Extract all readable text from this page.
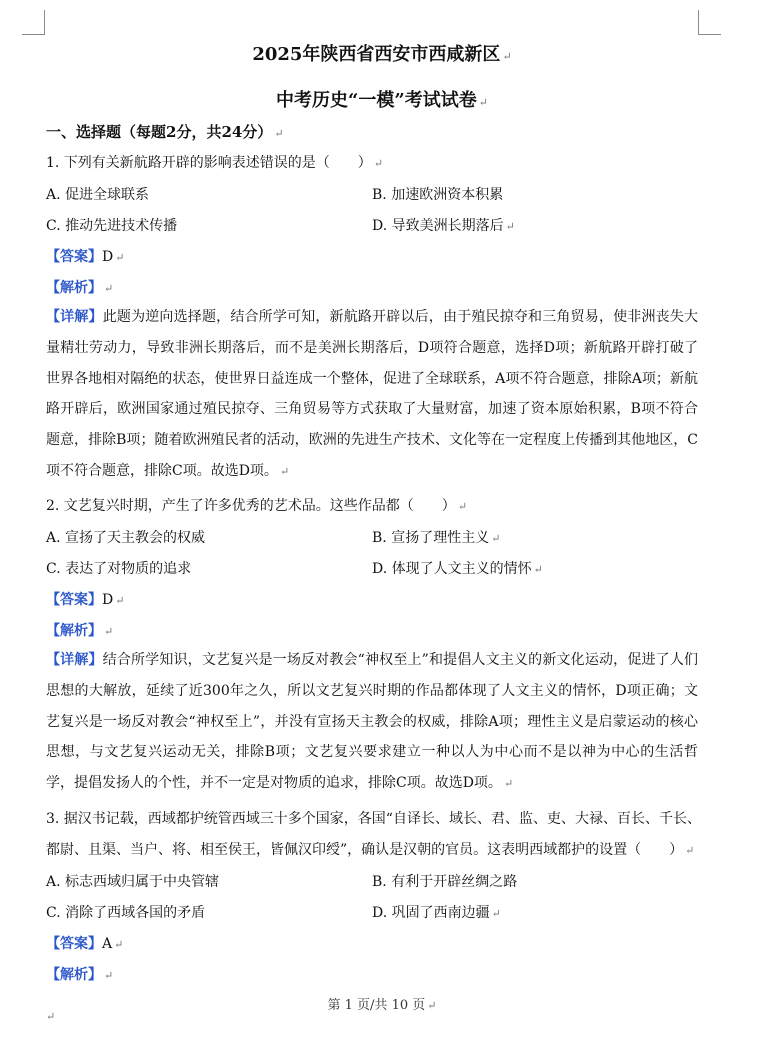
2025年陕西省西安市西咸新区 ↵
中考历史“一模”考试试卷 ↵
一、选择题（每题2分，共24分） ↵
1. 下列有关新航路开辟的影响表述错误的是（　　） ↵
A. 促进全球联系	B. 加速欧洲资本积累
C. 推动先进技术传播	D. 导致美洲长期落后 ↵
【答案】D ↵
【解析】 ↵
【详解】此题为逆向选择题，结合所学可知，新航路开辟以后，由于殖民掠夺和三角贸易，使非洲丧失大量精壮劳动力，导致非洲长期落后，而不是美洲长期落后，D项符合题意，选择D项；新航路开辟打破了世界各地相对隔绝的状态，使世界日益连成一个整体，促进了全球联系，A项不符合题意，排除A项；新航路开辟后，欧洲国家通过殖民掠夺、三角贸易等方式获取了大量财富，加速了资本原始积累，B项不符合题意，排除B项；随着欧洲殖民者的活动，欧洲的先进生产技术、文化等在一定程度上传播到其他地区，C项不符合题意，排除C项。故选D项。 ↵
2. 文艺复兴时期，产生了许多优秀的艺术品。这些作品都（　　） ↵
A. 宣扬了天主教会的权威	B. 宣扬了理性主义 ↵
C. 表达了对物质的追求	D. 体现了人文主义的情怀 ↵
【答案】D ↵
【解析】 ↵
【详解】结合所学知识，文艺复兴是一场反对教会“神权至上”和提倡人文主义的新文化运动，促进了人们思想的大解放，延续了近300年之久，所以文艺复兴时期的作品都体现了人文主义的情怀，D项正确；文艺复兴是一场反对教会“神权至上”，并没有宣扬天主教会的权威，排除A项；理性主义是启蒙运动的核心思想，与文艺复兴运动无关，排除B项；文艺复兴要求建立一种以人为中心而不是以神为中心的生活哲学，提倡发扬人的个性，并不一定是对物质的追求，排除C项。故选D项。 ↵
3. 据汉书记载，西域都护统管西域三十多个国家，各国“自译长、域长、君、监、吏、大禄、百长、千长、
都尉、且渠、当户、将、相至侯王，皆佩汉印绶”，确认是汉朝的官员。这表明西域都护的设置（　　） ↵
A. 标志西域归属于中央管辖	B. 有利于开辟丝绸之路
C. 消除了西域各国的矛盾	D. 巩固了西南边疆 ↵
【答案】A ↵
【解析】 ↵
第 1 页/共 10 页 ↵
↵
